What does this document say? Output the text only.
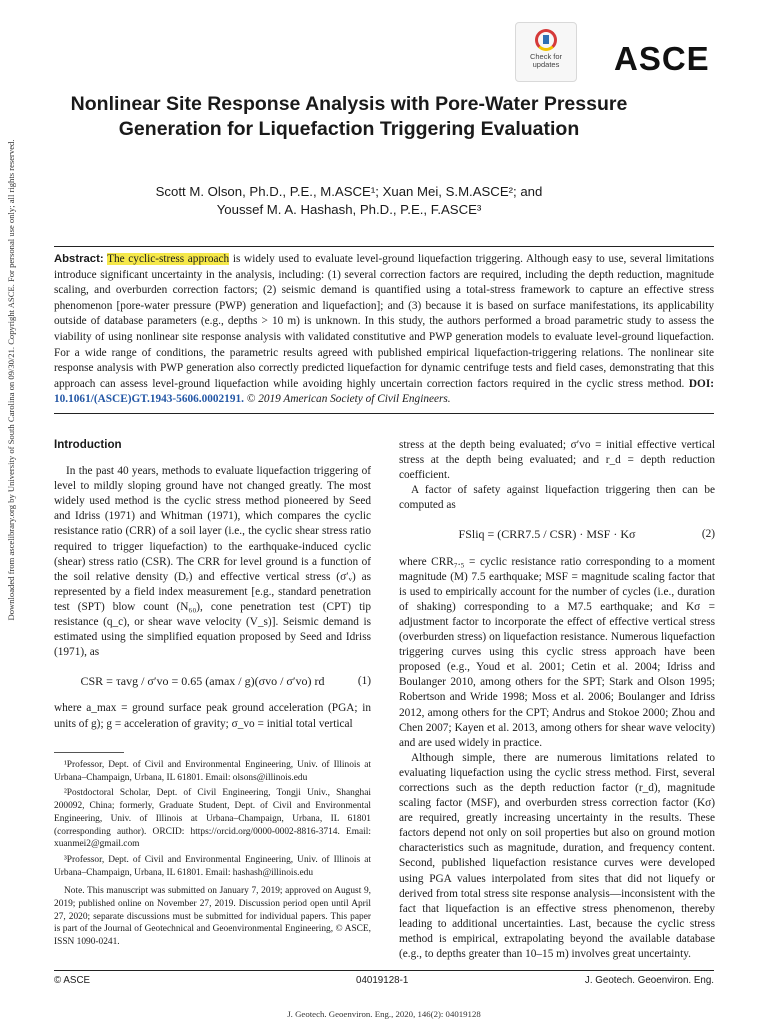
Downloaded from ascelibrary.org by University of South Carolina on 09/30/21. Copyright ASCE. For personal use only; all rights reserved.
Check for
updates	ASCE
Nonlinear Site Response Analysis with Pore-Water Pressure Generation for Liquefaction Triggering Evaluation
Scott M. Olson, Ph.D., P.E., M.ASCE¹; Xuan Mei, S.M.ASCE²; and
Youssef M. A. Hashash, Ph.D., P.E., F.ASCE³

Abstract: The cyclic-stress approach is widely used to evaluate level-ground liquefaction triggering. Although easy to use, several limitations introduce significant uncertainty in the analysis, including: (1) several correction factors are required, including the depth reduction, magnitude scaling, and overburden correction factors; (2) seismic demand is quantified using a total-stress framework to capture an effective stress phenomenon [pore-water pressure (PWP) generation and liquefaction]; and (3) because it is based on surface manifestations, its applicability outside of database parameters (e.g., depths > 10 m) is unknown. In this study, the authors performed a broad parametric study to assess the viability of using nonlinear site response analysis with validated constitutive and PWP generation models to evaluate level-ground liquefaction. For a wide range of conditions, the parametric results agreed with published empirical liquefaction-triggering relations. The nonlinear site response analysis with PWP generation also correctly predicted liquefaction for dynamic centrifuge tests and field cases, demonstrating that this approach can assess level-ground liquefaction while avoiding highly uncertain correction factors required in the cyclic stress method. DOI: 10.1061/(ASCE)GT.1943-5606.0002191. © 2019 American Society of Civil Engineers.

Introduction

In the past 40 years, methods to evaluate liquefaction triggering of level to mildly sloping ground have not changed greatly. The most widely used method is the cyclic stress method pioneered by Seed and Idriss (1971) and Whitman (1971), which compares the cyclic resistance ratio (CRR) of a soil layer (i.e., the cyclic shear stress ratio required to trigger liquefaction) to the earthquake-induced cyclic (shear) stress ratio (CSR). The CRR for level ground is a function of the soil relative density (Dᵣ) and effective vertical stress (σ′ᵥ) as represented by a field index measurement [e.g., standard penetration test (SPT) blow count (N₆₀), cone penetration test (CPT) tip resistance (q_c), or shear wave velocity (V_s)]. Seismic demand is estimated using the simplified equation proposed by Seed and Idriss (1971), as

CSR = τavg / σ′vo = 0.65 (amax / g)(σvo / σ′vo) rd	(1)

where a_max = ground surface peak ground acceleration (PGA; in units of g); g = acceleration of gravity; σ_vo = initial total vertical

¹Professor, Dept. of Civil and Environmental Engineering, Univ. of Illinois at Urbana–Champaign, Urbana, IL 61801. Email: olsons@illinois.edu

²Postdoctoral Scholar, Dept. of Civil Engineering, Tongji Univ., Shanghai 200092, China; formerly, Graduate Student, Dept. of Civil and Environmental Engineering, Univ. of Illinois at Urbana–Champaign, Urbana, IL 61801 (corresponding author). ORCID: https://orcid.org/0000-0002-8816-3714. Email: xuanmei2@gmail.com

³Professor, Dept. of Civil and Environmental Engineering, Univ. of Illinois at Urbana–Champaign, Urbana, IL 61801. Email: hashash@illinois.edu

Note. This manuscript was submitted on January 7, 2019; approved on August 9, 2019; published online on November 27, 2019. Discussion period open until April 27, 2020; separate discussions must be submitted for individual papers. This paper is part of the Journal of Geotechnical and Geoenvironmental Engineering, © ASCE, ISSN 1090-0241.

stress at the depth being evaluated; σ′vo = initial effective vertical stress at the depth being evaluated; and r_d = depth reduction coefficient.

A factor of safety against liquefaction triggering then can be computed as

FSliq = (CRR7.5 / CSR) · MSF · Kσ	(2)

where CRR₇.₅ = cyclic resistance ratio corresponding to a moment magnitude (M) 7.5 earthquake; MSF = magnitude scaling factor that is used to empirically account for the number of cycles (i.e., duration of shaking) corresponding to a M7.5 earthquake; and Kσ = adjustment factor to incorporate the effect of effective vertical stress (overburden stress) on liquefaction resistance. Numerous liquefaction triggering curves using this cyclic stress approach have been proposed (e.g., Youd et al. 2001; Cetin et al. 2004; Idriss and Boulanger 2010, among others for the SPT; Stark and Olson 1995; Robertson and Wride 1998; Moss et al. 2006; Boulanger and Idriss 2012, among others for the CPT; Andrus and Stokoe 2000; Zhou and Chen 2007; Kayen et al. 2013, among others for shear wave velocity) and are used widely in practice.

Although simple, there are numerous limitations related to evaluating liquefaction using the cyclic stress method. First, several corrections such as the depth reduction factor (r_d), magnitude scaling factor (MSF), and overburden stress correction factor (Kσ) are required, greatly increasing uncertainty in the results. These factors depend not only on soil properties but also on ground motion characteristics such as magnitude, duration, and frequency content. Second, published liquefaction resistance curves were developed using PGA values interpolated from sites that did not liquefy or derived from total stress site response analysis—inconsistent with the fact that liquefaction is an effective stress phenomenon, thereby leading to additional uncertainties. Last, because the cyclic stress method is empirical, extrapolating beyond the available database (e.g., to depths greater than 10–15 m) involves great uncertainty.

© ASCE	04019128-1	J. Geotech. Geoenviron. Eng.
J. Geotech. Geoenviron. Eng., 2020, 146(2): 04019128
